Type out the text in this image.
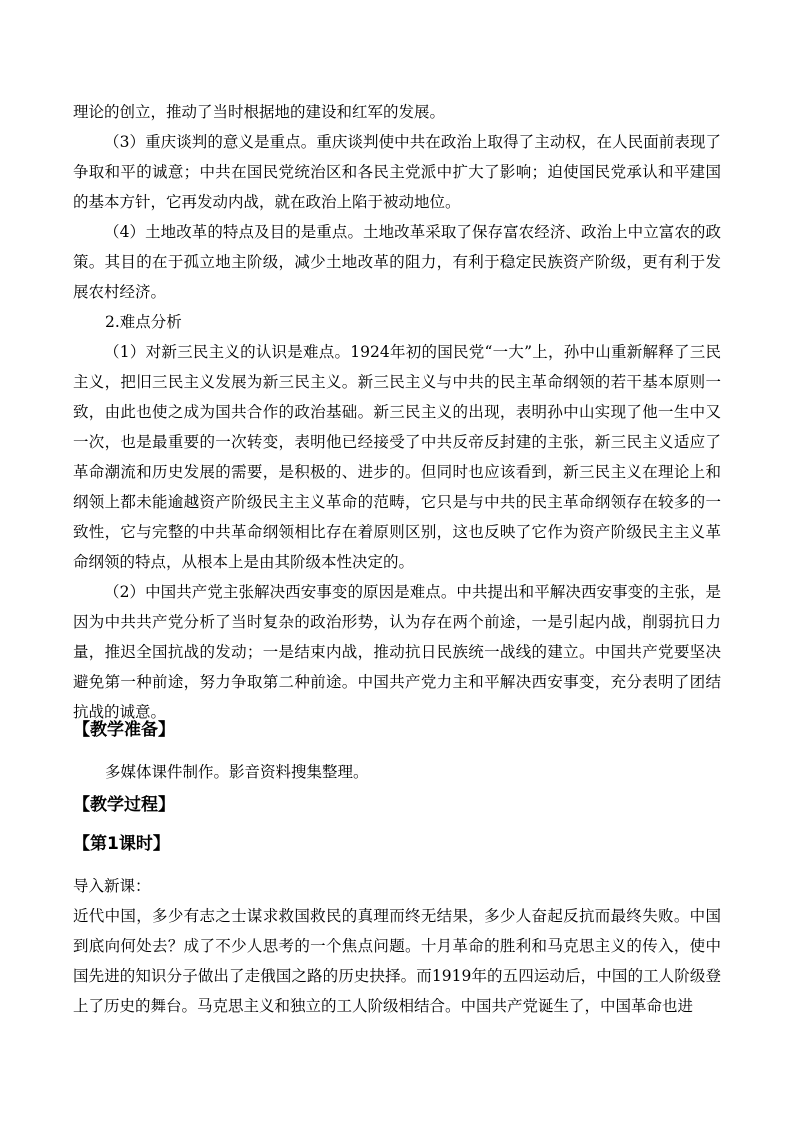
理论的创立，推动了当时根据地的建设和红军的发展。

（3）重庆谈判的意义是重点。重庆谈判使中共在政治上取得了主动权，在人民面前表现了争取和平的诚意；中共在国民党统治区和各民主党派中扩大了影响；迫使国民党承认和平建国的基本方针，它再发动内战，就在政治上陷于被动地位。

（4）土地改革的特点及目的是重点。土地改革采取了保存富农经济、政治上中立富农的政策。其目的在于孤立地主阶级，减少土地改革的阻力，有利于稳定民族资产阶级，更有利于发展农村经济。

2.难点分析

（1）对新三民主义的认识是难点。1924年初的国民党“一大”上，孙中山重新解释了三民主义，把旧三民主义发展为新三民主义。新三民主义与中共的民主革命纲领的若干基本原则一致，由此也使之成为国共合作的政治基础。新三民主义的出现，表明孙中山实现了他一生中又一次，也是最重要的一次转变，表明他已经接受了中共反帝反封建的主张，新三民主义适应了革命潮流和历史发展的需要，是积极的、进步的。但同时也应该看到，新三民主义在理论上和纲领上都未能逾越资产阶级民主主义革命的范畴，它只是与中共的民主革命纲领存在较多的一致性，它与完整的中共革命纲领相比存在着原则区别，这也反映了它作为资产阶级民主主义革命纲领的特点，从根本上是由其阶级本性决定的。

（2）中国共产党主张解决西安事变的原因是难点。中共提出和平解决西安事变的主张，是因为中共共产党分析了当时复杂的政治形势，认为存在两个前途，一是引起内战，削弱抗日力量，推迟全国抗战的发动；一是结束内战，推动抗日民族统一战线的建立。中国共产党要坚决避免第一种前途，努力争取第二种前途。中国共产党力主和平解决西安事变，充分表明了团结抗战的诚意。

【教学准备】

多媒体课件制作。影音资料搜集整理。

【教学过程】

【第1课时】

导入新课：

近代中国，多少有志之士谋求救国救民的真理而终无结果，多少人奋起反抗而最终失败。中国到底向何处去？成了不少人思考的一个焦点问题。十月革命的胜利和马克思主义的传入，使中国先进的知识分子做出了走俄国之路的历史抉择。而1919年的五四运动后，中国的工人阶级登上了历史的舞台。马克思主义和独立的工人阶级相结合。中国共产党诞生了，中国革命也进
